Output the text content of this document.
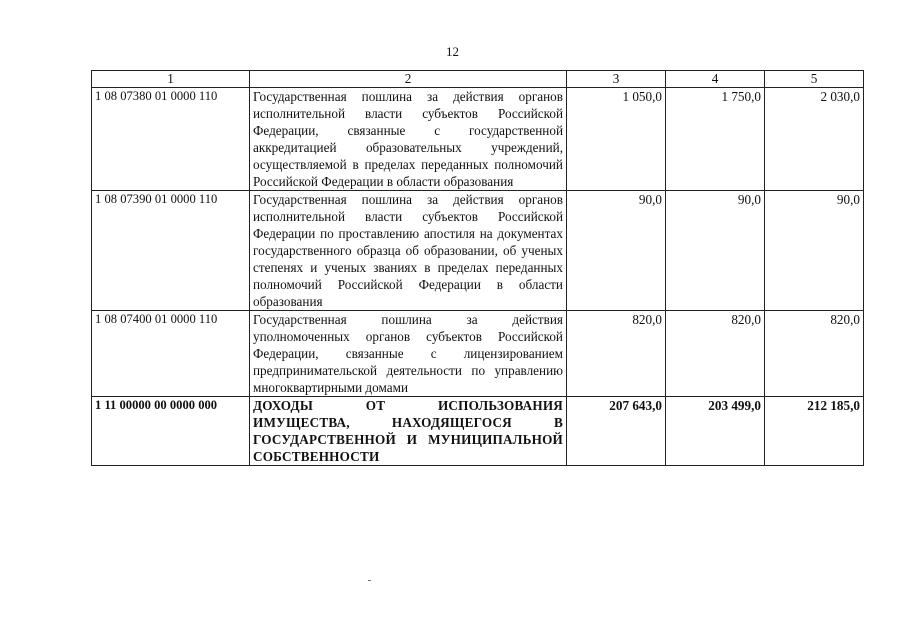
12
1	2	3	4	5
1 08 07380 01 0000 110	Государственная пошлина за действия органов исполнительной власти субъектов Российской Федерации, связанные с государственной аккредитацией образовательных учреждений, осуществляемой в пределах переданных полномочий Российской Федерации в области образования	1 050,0	1 750,0	2 030,0
1 08 07390 01 0000 110	Государственная пошлина за действия органов исполнительной власти субъектов Российской Федерации по проставлению апостиля на документах государственного образца об образовании, об ученых степенях и ученых званиях в пределах переданных полномочий Российской Федерации в области образования	90,0	90,0	90,0
1 08 07400 01 0000 110	Государственная пошлина за действия уполномоченных органов субъектов Российской Федерации, связанные с лицензированием предпринимательской деятельности по управлению многоквартирными домами	820,0	820,0	820,0
1 11 00000 00 0000 000	ДОХОДЫ ОТ ИСПОЛЬЗОВАНИЯ ИМУЩЕСТВА, НАХОДЯЩЕГОСЯ В ГОСУДАРСТВЕННОЙ И МУНИЦИПАЛЬНОЙ СОБСТВЕННОСТИ	207 643,0	203 499,0	212 185,0
